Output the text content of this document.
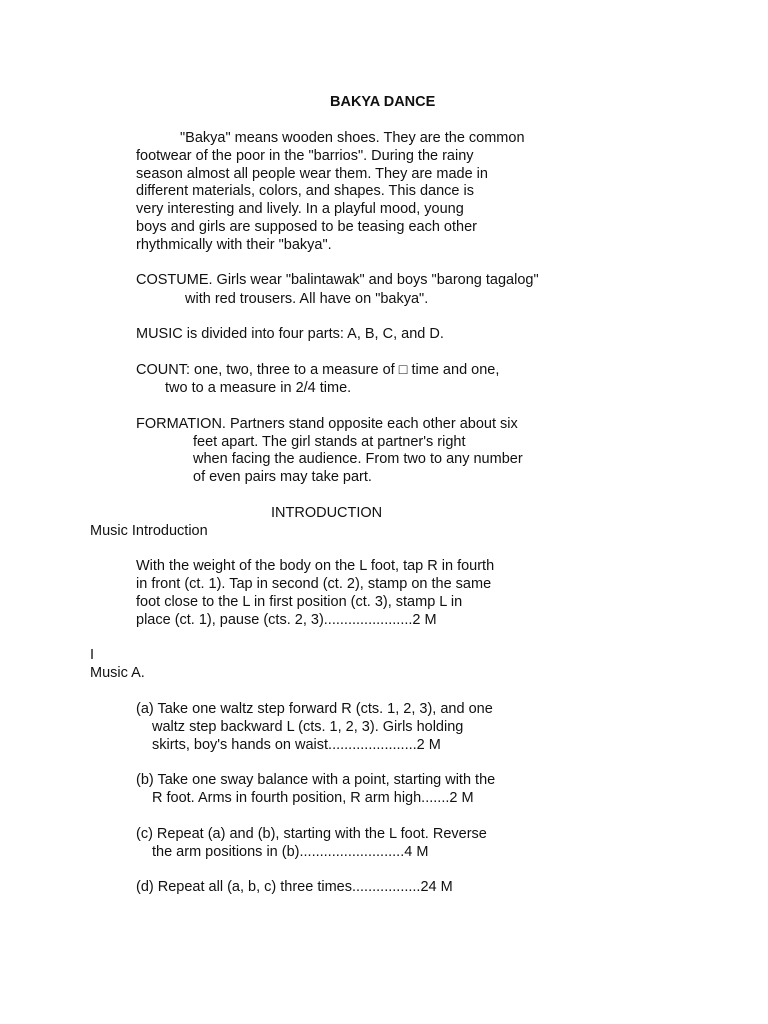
BAKYA DANCE
"Bakya" means wooden shoes. They are the common
footwear of the poor in the "barrios". During the rainy
season almost all people wear them. They are made in
different materials, colors, and shapes. This dance is
very interesting and lively. In a playful mood, young
boys and girls are supposed to be teasing each other
rhythmically with their "bakya".
COSTUME. Girls wear "balintawak" and boys "barong tagalog"
with red trousers. All have on "bakya".
MUSIC is divided into four parts: A, B, C, and D.
COUNT: one, two, three to a measure of □ time and one,
two to a measure in 2/4 time.
FORMATION. Partners stand opposite each other about six
feet apart. The girl stands at partner's right
when facing the audience. From two to any number
of even pairs may take part.
INTRODUCTION
Music Introduction
With the weight of the body on the L foot, tap R in fourth
in front (ct. 1). Tap in second (ct. 2), stamp on the same
foot close to the L in first position (ct. 3), stamp L in
place (ct. 1), pause (cts. 2, 3)......................2 M
I
Music A.
(a) Take one waltz step forward R (cts. 1, 2, 3), and one
waltz step backward L (cts. 1, 2, 3). Girls holding
skirts, boy's hands on waist......................2 M
(b) Take one sway balance with a point, starting with the
R foot. Arms in fourth position, R arm high.......2 M
(c) Repeat (a) and (b), starting with the L foot. Reverse
the arm positions in (b)..........................4 M
(d) Repeat all (a, b, c) three times.................24 M
